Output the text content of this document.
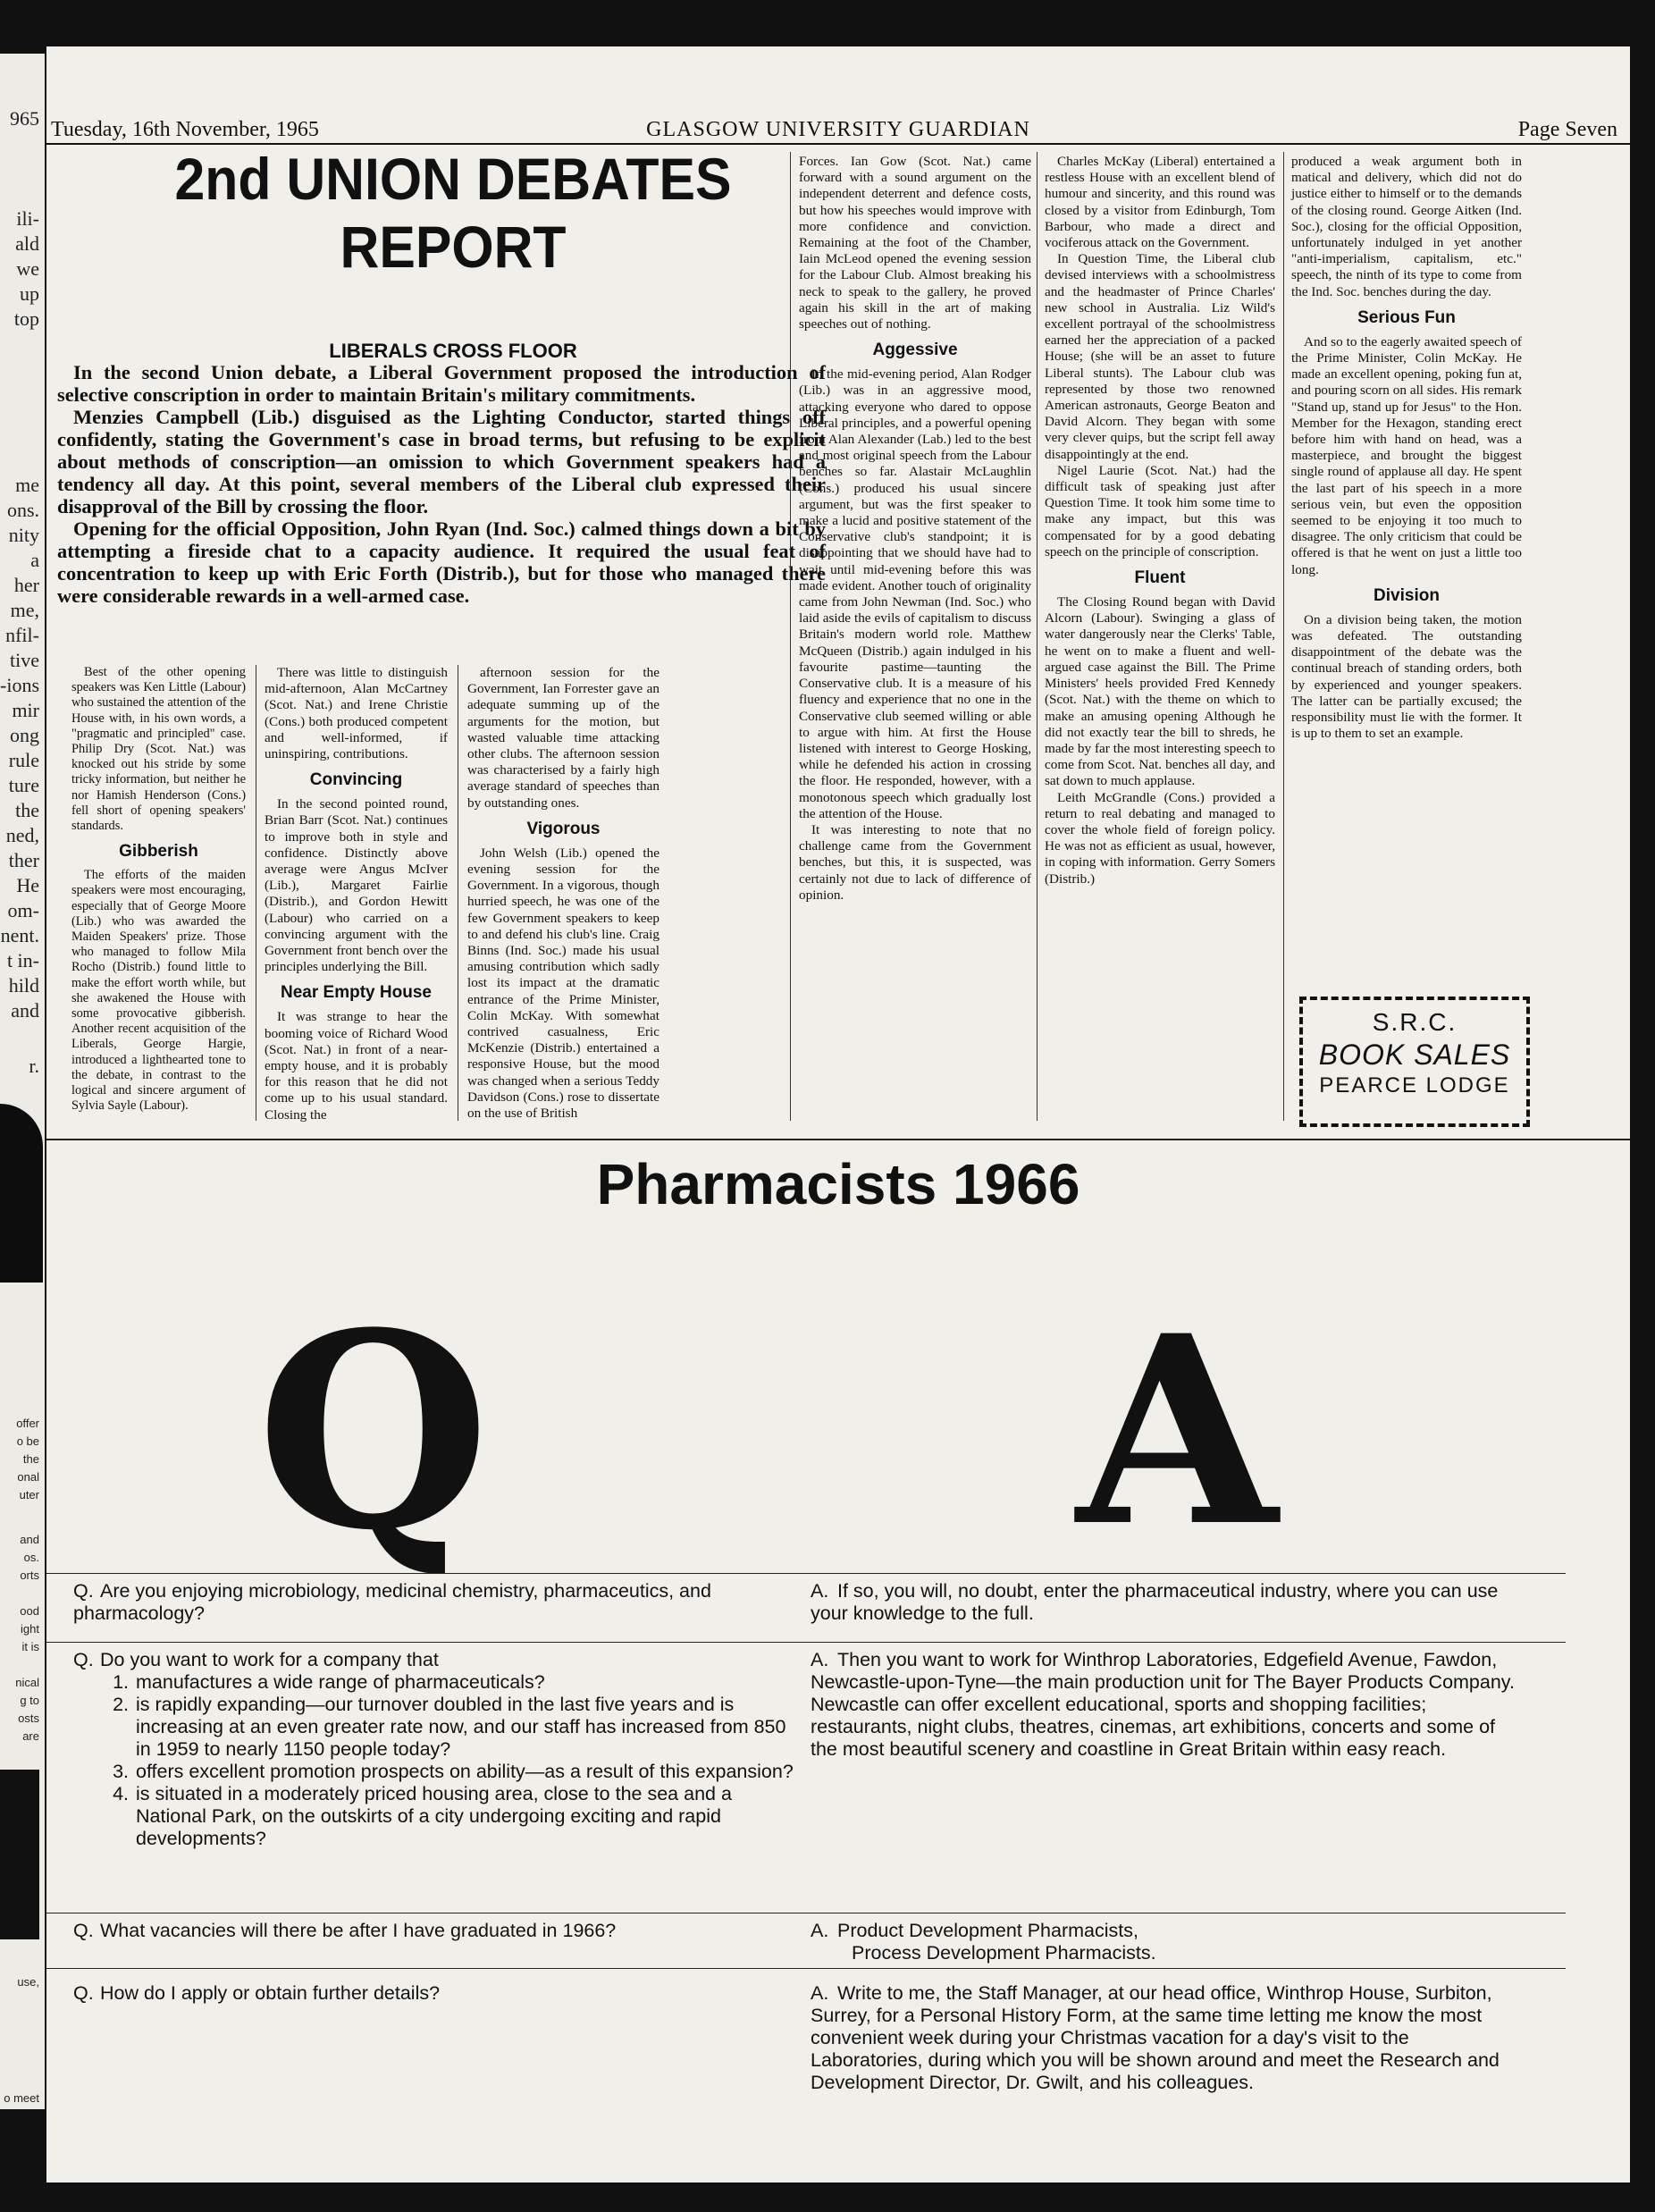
965
ili-
ald
we
up
top
me
ons.
nity
a
her
me,
nfil-
tive
-ions
mir
ong
rule
ture
the
ned,
ther
He
om-
nent.
t in-
hild
and
r.
offer
o be
the
onal
uter
and
os.
orts
ood
ight
it is
nical
g to
osts
are
use,
o meet
GLASGOW UNIVERSITY GUARDIAN
Tuesday, 16th November, 1965	Page Seven
2nd UNION DEBATES
REPORT
LIBERALS CROSS FLOOR

In the second Union debate, a Liberal Government proposed the introduction of selective conscription in order to maintain Britain's military commitments.

Menzies Campbell (Lib.) disguised as the Lighting Conductor, started things off confidently, stating the Government's case in broad terms, but refusing to be explicit about methods of conscription—an omission to which Government speakers had a tendency all day. At this point, several members of the Liberal club expressed their disapproval of the Bill by crossing the floor.

Opening for the official Opposition, John Ryan (Ind. Soc.) calmed things down a bit by attempting a fireside chat to a capacity audience. It required the usual feat of concentration to keep up with Eric Forth (Distrib.), but for those who managed there were considerable rewards in a well-armed case.

Best of the other opening speakers was Ken Little (Labour) who sustained the attention of the House with, in his own words, a "pragmatic and principled" case. Philip Dry (Scot. Nat.) was knocked out his stride by some tricky information, but neither he nor Hamish Henderson (Cons.) fell short of opening speakers' standards.

Gibberish

The efforts of the maiden speakers were most encouraging, especially that of George Moore (Lib.) who was awarded the Maiden Speakers' prize. Those who managed to follow Mila Rocho (Distrib.) found little to make the effort worth while, but she awakened the House with some provocative gibberish. Another recent acquisition of the Liberals, George Hargie, introduced a lighthearted tone to the debate, in contrast to the logical and sincere argument of Sylvia Sayle (Labour).

There was little to distinguish mid-afternoon, Alan McCartney (Scot. Nat.) and Irene Christie (Cons.) both produced competent and well-informed, if uninspiring, contributions.

Convincing

In the second pointed round, Brian Barr (Scot. Nat.) continues to improve both in style and confidence. Distinctly above average were Angus McIver (Lib.), Margaret Fairlie (Distrib.), and Gordon Hewitt (Labour) who carried on a convincing argument with the Government front bench over the principles underlying the Bill.

Near Empty House

It was strange to hear the booming voice of Richard Wood (Scot. Nat.) in front of a near-empty house, and it is probably for this reason that he did not come up to his usual standard. Closing the

afternoon session for the Government, Ian Forrester gave an adequate summing up of the arguments for the motion, but wasted valuable time attacking other clubs. The afternoon session was characterised by a fairly high average standard of speeches than by outstanding ones.

Vigorous

John Welsh (Lib.) opened the evening session for the Government. In a vigorous, though hurried speech, he was one of the few Government speakers to keep to and defend his club's line. Craig Binns (Ind. Soc.) made his usual amusing contribution which sadly lost its impact at the dramatic entrance of the Prime Minister, Colin McKay. With somewhat contrived casualness, Eric McKenzie (Distrib.) entertained a responsive House, but the mood was changed when a serious Teddy Davidson (Cons.) rose to dissertate on the use of British

Forces. Ian Gow (Scot. Nat.) came forward with a sound argument on the independent deterrent and defence costs, but how his speeches would improve with more confidence and conviction. Remaining at the foot of the Chamber, Iain McLeod opened the evening session for the Labour Club. Almost breaking his neck to speak to the gallery, he proved again his skill in the art of making speeches out of nothing.

Aggessive

In the mid-evening period, Alan Rodger (Lib.) was in an aggressive mood, attacking everyone who dared to oppose Liberal principles, and a powerful opening from Alan Alexander (Lab.) led to the best and most original speech from the Labour benches so far. Alastair McLaughlin (Cons.) produced his usual sincere argument, but was the first speaker to make a lucid and positive statement of the Conservative club's standpoint; it is disappointing that we should have had to wait until mid-evening before this was made evident. Another touch of originality came from John Newman (Ind. Soc.) who laid aside the evils of capitalism to discuss Britain's modern world role. Matthew McQueen (Distrib.) again indulged in his favourite pastime—taunting the Conservative club. It is a measure of his fluency and experience that no one in the Conservative club seemed willing or able to argue with him. At first the House listened with interest to George Hosking, while he defended his action in crossing the floor. He responded, however, with a monotonous speech which gradually lost the attention of the House.

It was interesting to note that no challenge came from the Government benches, but this, it is suspected, was certainly not due to lack of difference of opinion.

Charles McKay (Liberal) entertained a restless House with an excellent blend of humour and sincerity, and this round was closed by a visitor from Edinburgh, Tom Barbour, who made a direct and vociferous attack on the Government.

In Question Time, the Liberal club devised interviews with a schoolmistress and the headmaster of Prince Charles' new school in Australia. Liz Wild's excellent portrayal of the schoolmistress earned her the appreciation of a packed House; (she will be an asset to future Liberal stunts). The Labour club was represented by those two renowned American astronauts, George Beaton and David Alcorn. They began with some very clever quips, but the script fell away disappointingly at the end.

Nigel Laurie (Scot. Nat.) had the difficult task of speaking just after Question Time. It took him some time to make any impact, but this was compensated for by a good debating speech on the principle of conscription.

Fluent

The Closing Round began with David Alcorn (Labour). Swinging a glass of water dangerously near the Clerks' Table, he went on to make a fluent and well-argued case against the Bill. The Prime Ministers' heels provided Fred Kennedy (Scot. Nat.) with the theme on which to make an amusing opening Although he did not exactly tear the bill to shreds, he made by far the most interesting speech to come from Scot. Nat. benches all day, and sat down to much applause.

Leith McGrandle (Cons.) provided a return to real debating and managed to cover the whole field of foreign policy. He was not as efficient as usual, however, in coping with information. Gerry Somers (Distrib.)

produced a weak argument both in matical and delivery, which did not do justice either to himself or to the demands of the closing round. George Aitken (Ind. Soc.), closing for the official Opposition, unfortunately indulged in yet another "anti-imperialism, capitalism, etc." speech, the ninth of its type to come from the Ind. Soc. benches during the day.

Serious Fun

And so to the eagerly awaited speech of the Prime Minister, Colin McKay. He made an excellent opening, poking fun at, and pouring scorn on all sides. His remark "Stand up, stand up for Jesus" to the Hon. Member for the Hexagon, standing erect before him with hand on head, was a masterpiece, and brought the biggest single round of applause all day. He spent the last part of his speech in a more serious vein, but even the opposition seemed to be enjoying it too much to disagree. The only criticism that could be offered is that he went on just a little too long.

Division

On a division being taken, the motion was defeated. The outstanding disappointment of the debate was the continual breach of standing orders, both by experienced and younger speakers. The latter can be partially excused; the responsibility must lie with the former. It is up to them to set an example.

S.R.C.
BOOK SALES
PEARCE LODGE
Pharmacists 1966
Q A

Q. Are you enjoying microbiology, medicinal chemistry, pharmaceutics, and pharmacology?

A. If so, you will, no doubt, enter the pharmaceutical industry, where you can use your knowledge to the full.

Q. Do you want to work for a company that

1. manufactures a wide range of pharmaceuticals?
2. is rapidly expanding—our turnover doubled in the last five years and is increasing at an even greater rate now, and our staff has increased from 850 in 1959 to nearly 1150 people today?
3. offers excellent promotion prospects on ability—as a result of this expansion?
4. is situated in a moderately priced housing area, close to the sea and a National Park, on the outskirts of a city undergoing exciting and rapid developments?

A. Then you want to work for Winthrop Laboratories, Edgefield Avenue, Fawdon, Newcastle-upon-Tyne—the main production unit for The Bayer Products Company. Newcastle can offer excellent educational, sports and shopping facilities; restaurants, night clubs, theatres, cinemas, art exhibitions, concerts and some of the most beautiful scenery and coastline in Great Britain within easy reach.

Q. What vacancies will there be after I have graduated in 1966?	A. Product Development Pharmacists,

Process Development Pharmacists.

Q. How do I apply or obtain further details?	A. Write to me, the Staff Manager, at our head office, Winthrop House, Surbiton, Surrey, for a Personal History Form, at the same time letting me know the most convenient week during your Christmas vacation for a day's visit to the Laboratories, during which you will be shown around and meet the Research and Development Director, Dr. Gwilt, and his colleagues.
